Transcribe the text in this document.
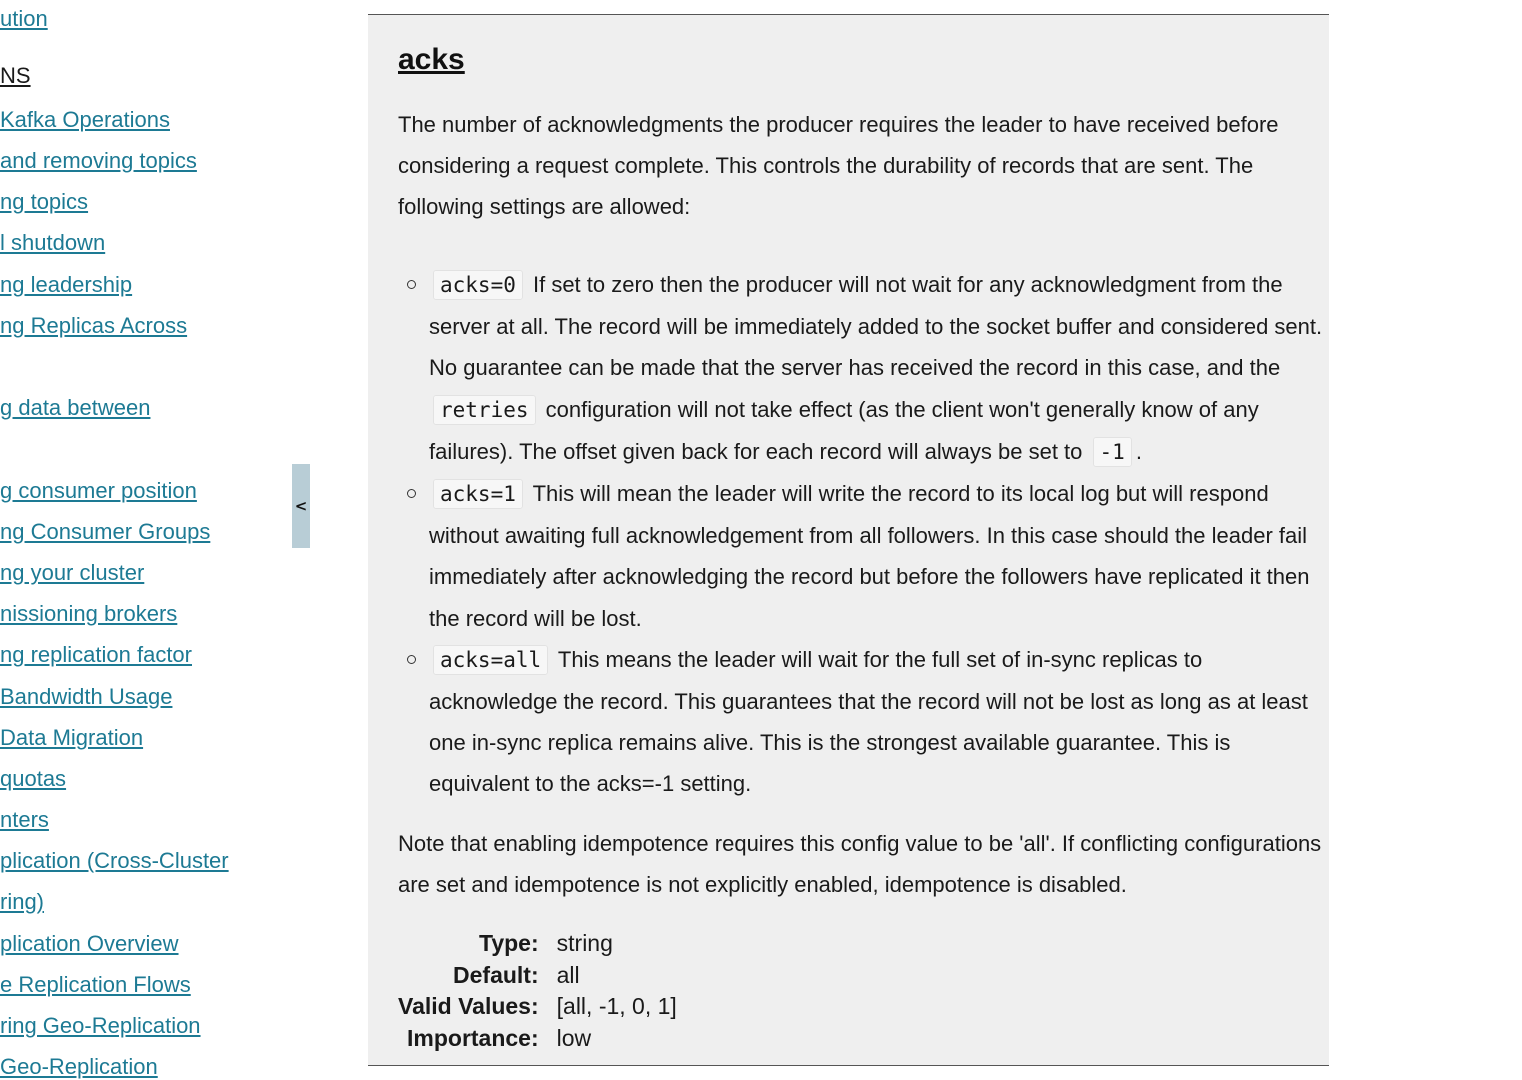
ution
NS
Kafka Operations
and removing topics
ng topics
l shutdown
ng leadership
ng Replicas Across
g data between
g consumer position
ng Consumer Groups
ng your cluster
nissioning brokers
ng replication factor
Bandwidth Usage
Data Migration
quotas
nters
plication (Cross-Cluster
ring)
plication Overview
e Replication Flows
ring Geo-Replication
Geo-Replication
<
acks

The number of acknowledgments the producer requires the leader to have received before considering a request complete. This controls the durability of records that are sent. The following settings are allowed:

acks=0 If set to zero then the producer will not wait for any acknowledgment from the server at all. The record will be immediately added to the socket buffer and considered sent. No guarantee can be made that the server has received the record in this case, and the retries configuration will not take effect (as the client won't generally know of any failures). The offset given back for each record will always be set to -1 .
acks=1 This will mean the leader will write the record to its local log but will respond without awaiting full acknowledgement from all followers. In this case should the leader fail immediately after acknowledging the record but before the followers have replicated it then the record will be lost.
acks=all This means the leader will wait for the full set of in-sync replicas to acknowledge the record. This guarantees that the record will not be lost as long as at least one in-sync replica remains alive. This is the strongest available guarantee. This is equivalent to the acks=-1 setting.

Note that enabling idempotence requires this config value to be 'all'. If conflicting configurations are set and idempotence is not explicitly enabled, idempotence is disabled.

Type:	string
Default:	all
Valid Values:	[all, -1, 0, 1]
Importance:	low
